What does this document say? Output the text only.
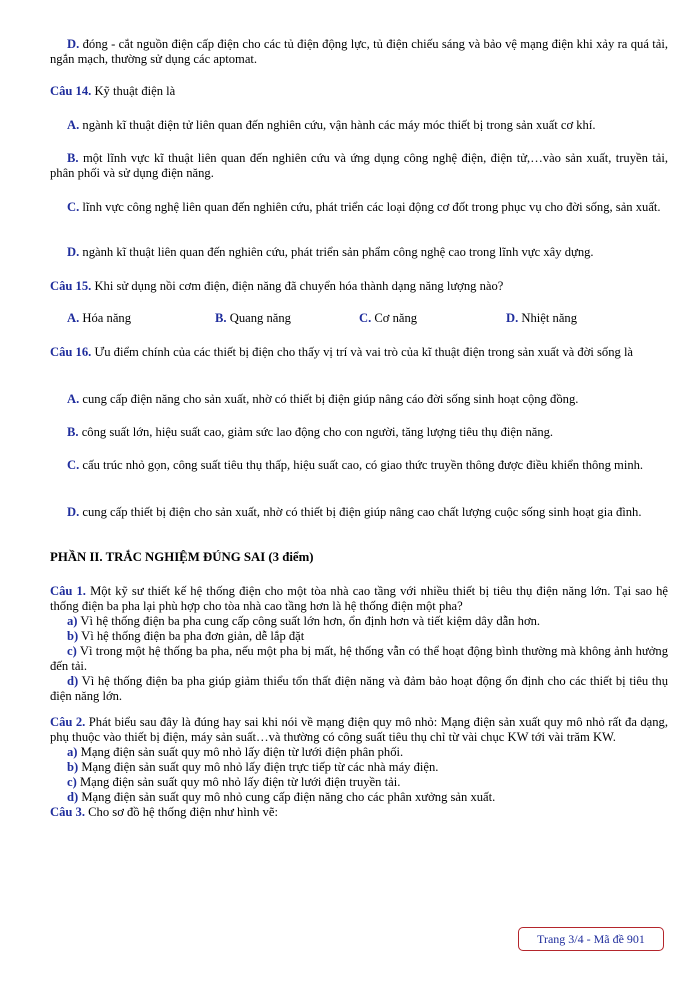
D. đóng - cắt nguồn điện cấp điện cho các tủ điện động lực, tủ điện chiếu sáng và bảo vệ mạng điện khi xảy ra quá tải, ngắn mạch, thường sử dụng các aptomat.
Câu 14. Kỹ thuật điện là
A. ngành kĩ thuật điện tử liên quan đến nghiên cứu, vận hành các máy móc thiết bị trong sản xuất cơ khí.
B. một lĩnh vực kĩ thuật liên quan đến nghiên cứu và ứng dụng công nghệ điện, điện tử,…vào sản xuất, truyền tải, phân phối và sử dụng điện năng.
C. lĩnh vực công nghệ liên quan đến nghiên cứu, phát triển các loại động cơ đốt trong phục vụ cho đời sống, sản xuất.
D. ngành kĩ thuật liên quan đến nghiên cứu, phát triển sản phẩm công nghệ cao trong lĩnh vực xây dựng.
Câu 15. Khi sử dụng nồi cơm điện, điện năng đã chuyển hóa thành dạng năng lượng nào?
A. Hóa năng	B. Quang năng	C. Cơ năng	D. Nhiệt năng
Câu 16. Ưu điểm chính của các thiết bị điện cho thấy vị trí và vai trò của kĩ thuật điện trong sản xuất và đời sống là
A. cung cấp điện năng cho sản xuất, nhờ có thiết bị điện giúp nâng cáo đời sống sinh hoạt cộng đồng.
B. công suất lớn, hiệu suất cao, giảm sức lao động cho con người, tăng lượng tiêu thụ điện năng.
C. cấu trúc nhỏ gọn, công suất tiêu thụ thấp, hiệu suất cao, có giao thức truyền thông được điều khiển thông minh.
D. cung cấp thiết bị điện cho sản xuất, nhờ có thiết bị điện giúp nâng cao chất lượng cuộc sống sinh hoạt gia đình.
PHẦN II. TRẮC NGHIỆM ĐÚNG SAI (3 điểm)
Câu 1. Một kỹ sư thiết kế hệ thống điện cho một tòa nhà cao tầng với nhiều thiết bị tiêu thụ điện năng lớn. Tại sao hệ thống điện ba pha lại phù hợp cho tòa nhà cao tầng hơn là hệ thống điện một pha?
a) Vì hệ thống điện ba pha cung cấp công suất lớn hơn, ổn định hơn và tiết kiệm dây dẫn hơn.
b) Vì hệ thống điện ba pha đơn giản, dễ lắp đặt
c) Vì trong một hệ thống ba pha, nếu một pha bị mất, hệ thống vẫn có thể hoạt động bình thường mà không ảnh hưởng đến tải.
d) Vì hệ thống điện ba pha giúp giảm thiểu tổn thất điện năng và đảm bảo hoạt động ổn định cho các thiết bị tiêu thụ điện năng lớn.
Câu 2. Phát biểu sau đây là đúng hay sai khi nói về mạng điện quy mô nhỏ: Mạng điện sản xuất quy mô nhỏ rất đa dạng, phụ thuộc vào thiết bị điện, máy sản suất…và thường có công suất tiêu thụ chỉ từ vài chục KW tới vài trăm KW.
a) Mạng điện sản suất quy mô nhỏ lấy điện từ lưới điện phân phối.
b) Mạng điện sản suất quy mô nhỏ lấy điện trực tiếp từ các nhà máy điện.
c) Mạng điện sản suất quy mô nhỏ lấy điện từ lưới điện truyền tải.
d) Mạng điện sản suất quy mô nhỏ cung cấp điện năng cho các phân xưởng sản xuất.
Câu 3. Cho sơ đồ hệ thống điện như hình vẽ:
Trang 3/4 - Mã đề 901
